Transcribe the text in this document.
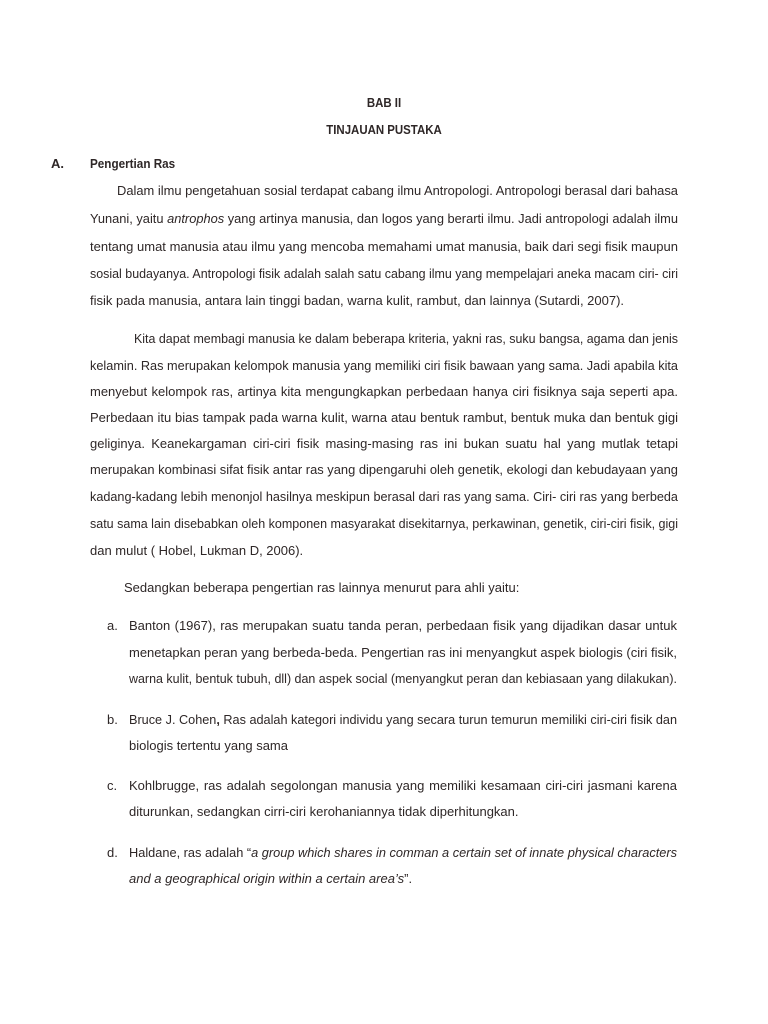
BAB II
TINJAUAN PUSTAKA
A. Pengertian Ras
Dalam ilmu pengetahuan sosial terdapat cabang ilmu Antropologi. Antropologi berasal dari bahasa
Yunani, yaitu antrophos yang artinya manusia, dan logos yang berarti ilmu. Jadi antropologi adalah ilmu
tentang umat manusia atau ilmu yang mencoba memahami umat manusia, baik dari segi fisik maupun
sosial budayanya. Antropologi fisik adalah salah satu cabang ilmu yang mempelajari aneka macam ciri- ciri
fisik pada manusia, antara lain tinggi badan, warna kulit, rambut, dan lainnya (Sutardi, 2007).
Kita dapat membagi manusia ke dalam beberapa kriteria, yakni ras, suku bangsa, agama dan jenis
kelamin. Ras merupakan kelompok manusia yang memiliki ciri fisik bawaan yang sama. Jadi apabila kita
menyebut kelompok ras, artinya kita mengungkapkan perbedaan hanya ciri fisiknya saja seperti apa.
Perbedaan itu bias tampak pada warna kulit, warna atau bentuk rambut, bentuk muka dan bentuk gigi
geliginya. Keanekargaman ciri-ciri fisik masing-masing ras ini bukan suatu hal yang mutlak tetapi
merupakan kombinasi sifat fisik antar ras yang dipengaruhi oleh genetik, ekologi dan kebudayaan yang
kadang-kadang lebih menonjol hasilnya meskipun berasal dari ras yang sama. Ciri- ciri ras yang berbeda
satu sama lain disebabkan oleh komponen masyarakat disekitarnya, perkawinan, genetik, ciri-ciri fisik, gigi
dan mulut ( Hobel, Lukman D, 2006).
Sedangkan beberapa pengertian ras lainnya menurut para ahli yaitu:
a. Banton (1967), ras merupakan suatu tanda peran, perbedaan fisik yang dijadikan dasar untuk
menetapkan peran yang berbeda-beda. Pengertian ras ini menyangkut aspek biologis (ciri fisik,
warna kulit, bentuk tubuh, dll) dan aspek social (menyangkut peran dan kebiasaan yang dilakukan).
b. Bruce J. Cohen, Ras adalah kategori individu yang secara turun temurun memiliki ciri-ciri fisik dan
biologis tertentu yang sama
c. Kohlbrugge, ras adalah segolongan manusia yang memiliki kesamaan ciri-ciri jasmani karena
diturunkan, sedangkan cirri-ciri kerohaniannya tidak diperhitungkan.
d. Haldane, ras adalah “a group which shares in comman a certain set of innate physical characters
and a geographical origin within a certain area’s”.
